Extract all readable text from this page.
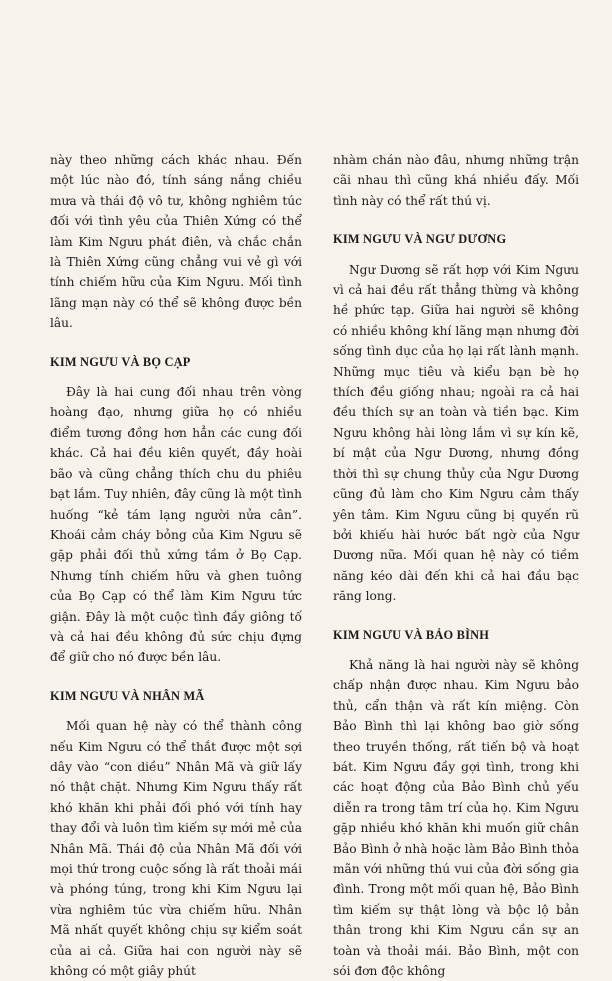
này theo những cách khác nhau. Đến một lúc nào đó, tính sáng nắng chiều mưa và thái độ vô tư, không nghiêm túc đối với tình yêu của Thiên Xứng có thể làm Kim Ngưu phát điên, và chắc chắn là Thiên Xứng cũng chẳng vui vẻ gì với tính chiếm hữu của Kim Ngưu. Mối tình lãng mạn này có thể sẽ không được bền lâu.

KIM NGƯU VÀ BỌ CẠP

Đây là hai cung đối nhau trên vòng hoàng đạo, nhưng giữa họ có nhiều điểm tương đồng hơn hẳn các cung đối khác. Cả hai đều kiên quyết, đầy hoài bão và cũng chẳng thích chu du phiêu bạt lắm. Tuy nhiên, đây cũng là một tình huống “kẻ tám lạng người nửa cân”. Khoái cảm cháy bỏng của Kim Ngưu sẽ gặp phải đối thủ xứng tầm ở Bọ Cạp. Nhưng tính chiếm hữu và ghen tuông của Bọ Cạp có thể làm Kim Ngưu tức giận. Đây là một cuộc tình đầy giông tố và cả hai đều không đủ sức chịu đựng để giữ cho nó được bền lâu.

KIM NGƯU VÀ NHÂN MÃ

Mối quan hệ này có thể thành công nếu Kim Ngưu có thể thắt được một sợi dây vào “con diều” Nhân Mã và giữ lấy nó thật chặt. Nhưng Kim Ngưu thấy rất khó khăn khi phải đối phó với tính hay thay đổi và luôn tìm kiếm sự mới mẻ của Nhân Mã. Thái độ của Nhân Mã đối với mọi thứ trong cuộc sống là rất thoải mái và phóng túng, trong khi Kim Ngưu lại vừa nghiêm túc vừa chiếm hữu. Nhân Mã nhất quyết không chịu sự kiểm soát của ai cả. Giữa hai con người này sẽ không có một giây phút

nhàm chán nào đâu, nhưng những trận cãi nhau thì cũng khá nhiều đấy. Mối tình này có thể rất thú vị.

KIM NGƯU VÀ NGƯ DƯƠNG

Ngư Dương sẽ rất hợp với Kim Ngưu vì cả hai đều rất thẳng thừng và không hề phức tạp. Giữa hai người sẽ không có nhiều không khí lãng mạn nhưng đời sống tình dục của họ lại rất lành mạnh. Những mục tiêu và kiểu bạn bè họ thích đều giống nhau; ngoài ra cả hai đều thích sự an toàn và tiền bạc. Kim Ngưu không hài lòng lắm vì sự kín kẽ, bí mật của Ngư Dương, nhưng đồng thời thì sự chung thủy của Ngư Dương cũng đủ làm cho Kim Ngưu cảm thấy yên tâm. Kim Ngưu cũng bị quyến rũ bởi khiếu hài hước bất ngờ của Ngư Dương nữa. Mối quan hệ này có tiềm năng kéo dài đến khi cả hai đầu bạc răng long.

KIM NGƯU VÀ BẢO BÌNH

Khả năng là hai người này sẽ không chấp nhận được nhau. Kim Ngưu bảo thủ, cẩn thận và rất kín miệng. Còn Bảo Bình thì lại không bao giờ sống theo truyền thống, rất tiến bộ và hoạt bát. Kim Ngưu đầy gợi tình, trong khi các hoạt động của Bảo Bình chủ yếu diễn ra trong tâm trí của họ. Kim Ngưu gặp nhiều khó khăn khi muốn giữ chân Bảo Bình ở nhà hoặc làm Bảo Bình thỏa mãn với những thú vui của đời sống gia đình. Trong một mối quan hệ, Bảo Bình tìm kiếm sự thật lòng và bộc lộ bản thân trong khi Kim Ngưu cần sự an toàn và thoải mái. Bảo Bình, một con sói đơn độc không
